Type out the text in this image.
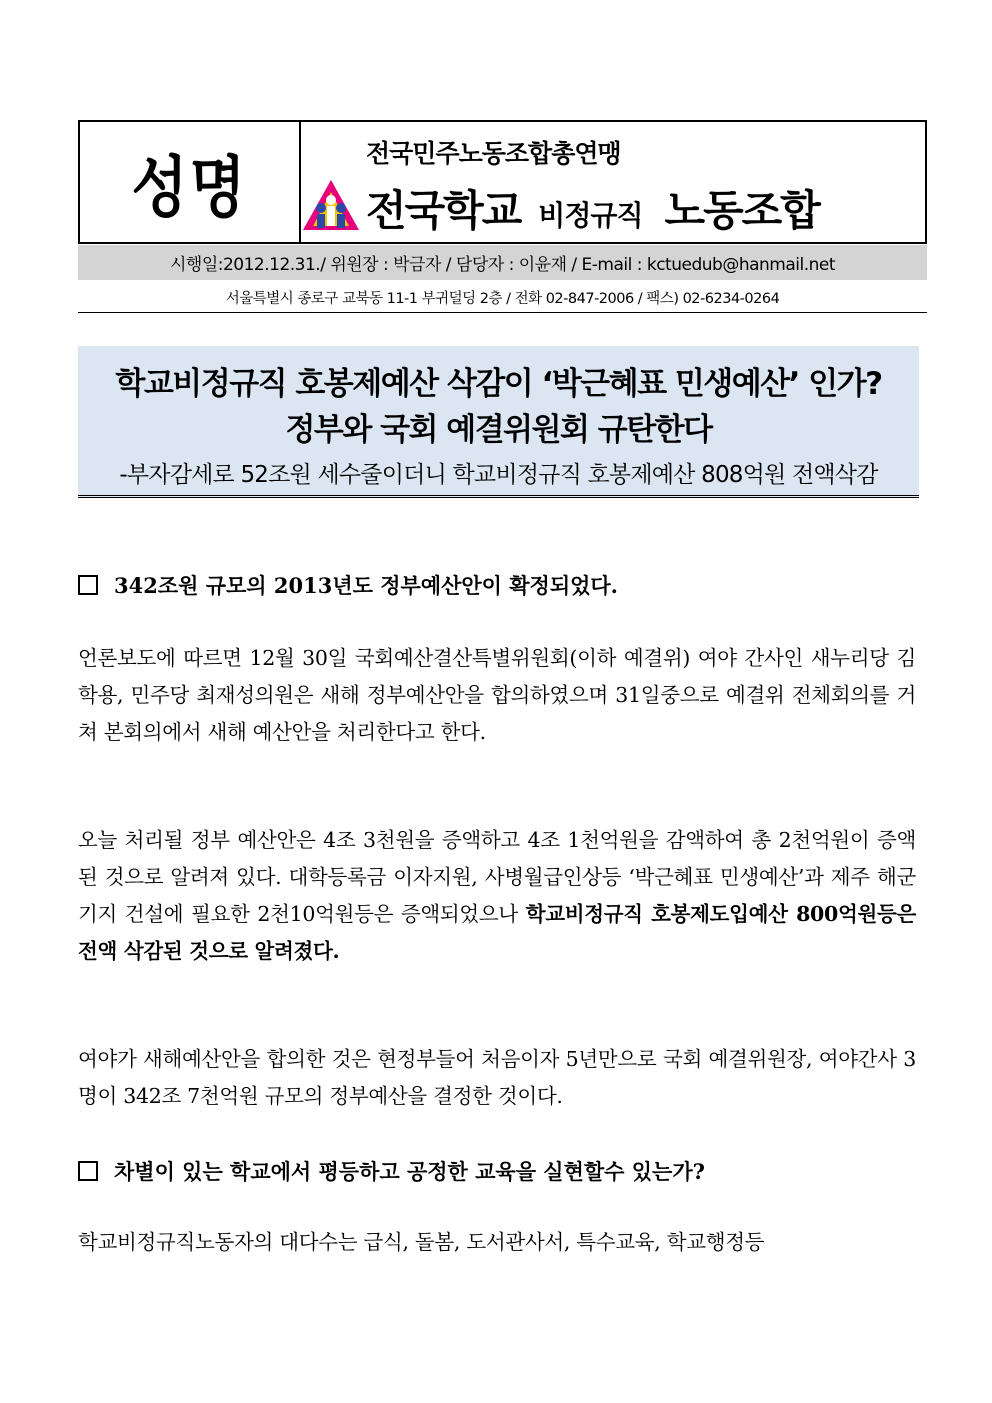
성명	전국민주노동조합총연맹
전국학교 비정규직 노동조합
시행일:2012.12.31./ 위원장 : 박금자 / 담당자 : 이윤재 / E-mail : kctuedub@hanmail.net
서울특별시 종로구 교북동 11-1 부귀덜딩 2층 / 전화 02-847-2006 / 팩스) 02-6234-0264
학교비정규직 호봉제예산 삭감이 ‘박근혜표 민생예산’ 인가?
정부와 국회 예결위원회 규탄한다
-부자감세로 52조원 세수줄이더니 학교비정규직 호봉제예산 808억원 전액삭감
342조원 규모의 2013년도 정부예산안이 확정되었다.

언론보도에 따르면 12월 30일 국회예산결산특별위원회(이하 예결위) 여야 간사인 새누리당 김학용, 민주당 최재성의원은 새해 정부예산안을 합의하였으며 31일중으로 예결위 전체회의를 거쳐 본회의에서 새해 예산안을 처리한다고 한다.

오늘 처리될 정부 예산안은 4조 3천원을 증액하고 4조 1천억원을 감액하여 총 2천억원이 증액된 것으로 알려져 있다. 대학등록금 이자지원, 사병월급인상등 ‘박근혜표 민생예산’과 제주 해군기지 건설에 필요한 2천10억원등은 증액되었으나 학교비정규직 호봉제도입예산 800억원등은 전액 삭감된 것으로 알려졌다.

여야가 새해예산안을 합의한 것은 현정부들어 처음이자 5년만으로 국회 예결위원장, 여야간사 3명이 342조 7천억원 규모의 정부예산을 결정한 것이다.

차별이 있는 학교에서 평등하고 공정한 교육을 실현할수 있는가?

학교비정규직노동자의 대다수는 급식, 돌봄, 도서관사서, 특수교육, 학교행정등
